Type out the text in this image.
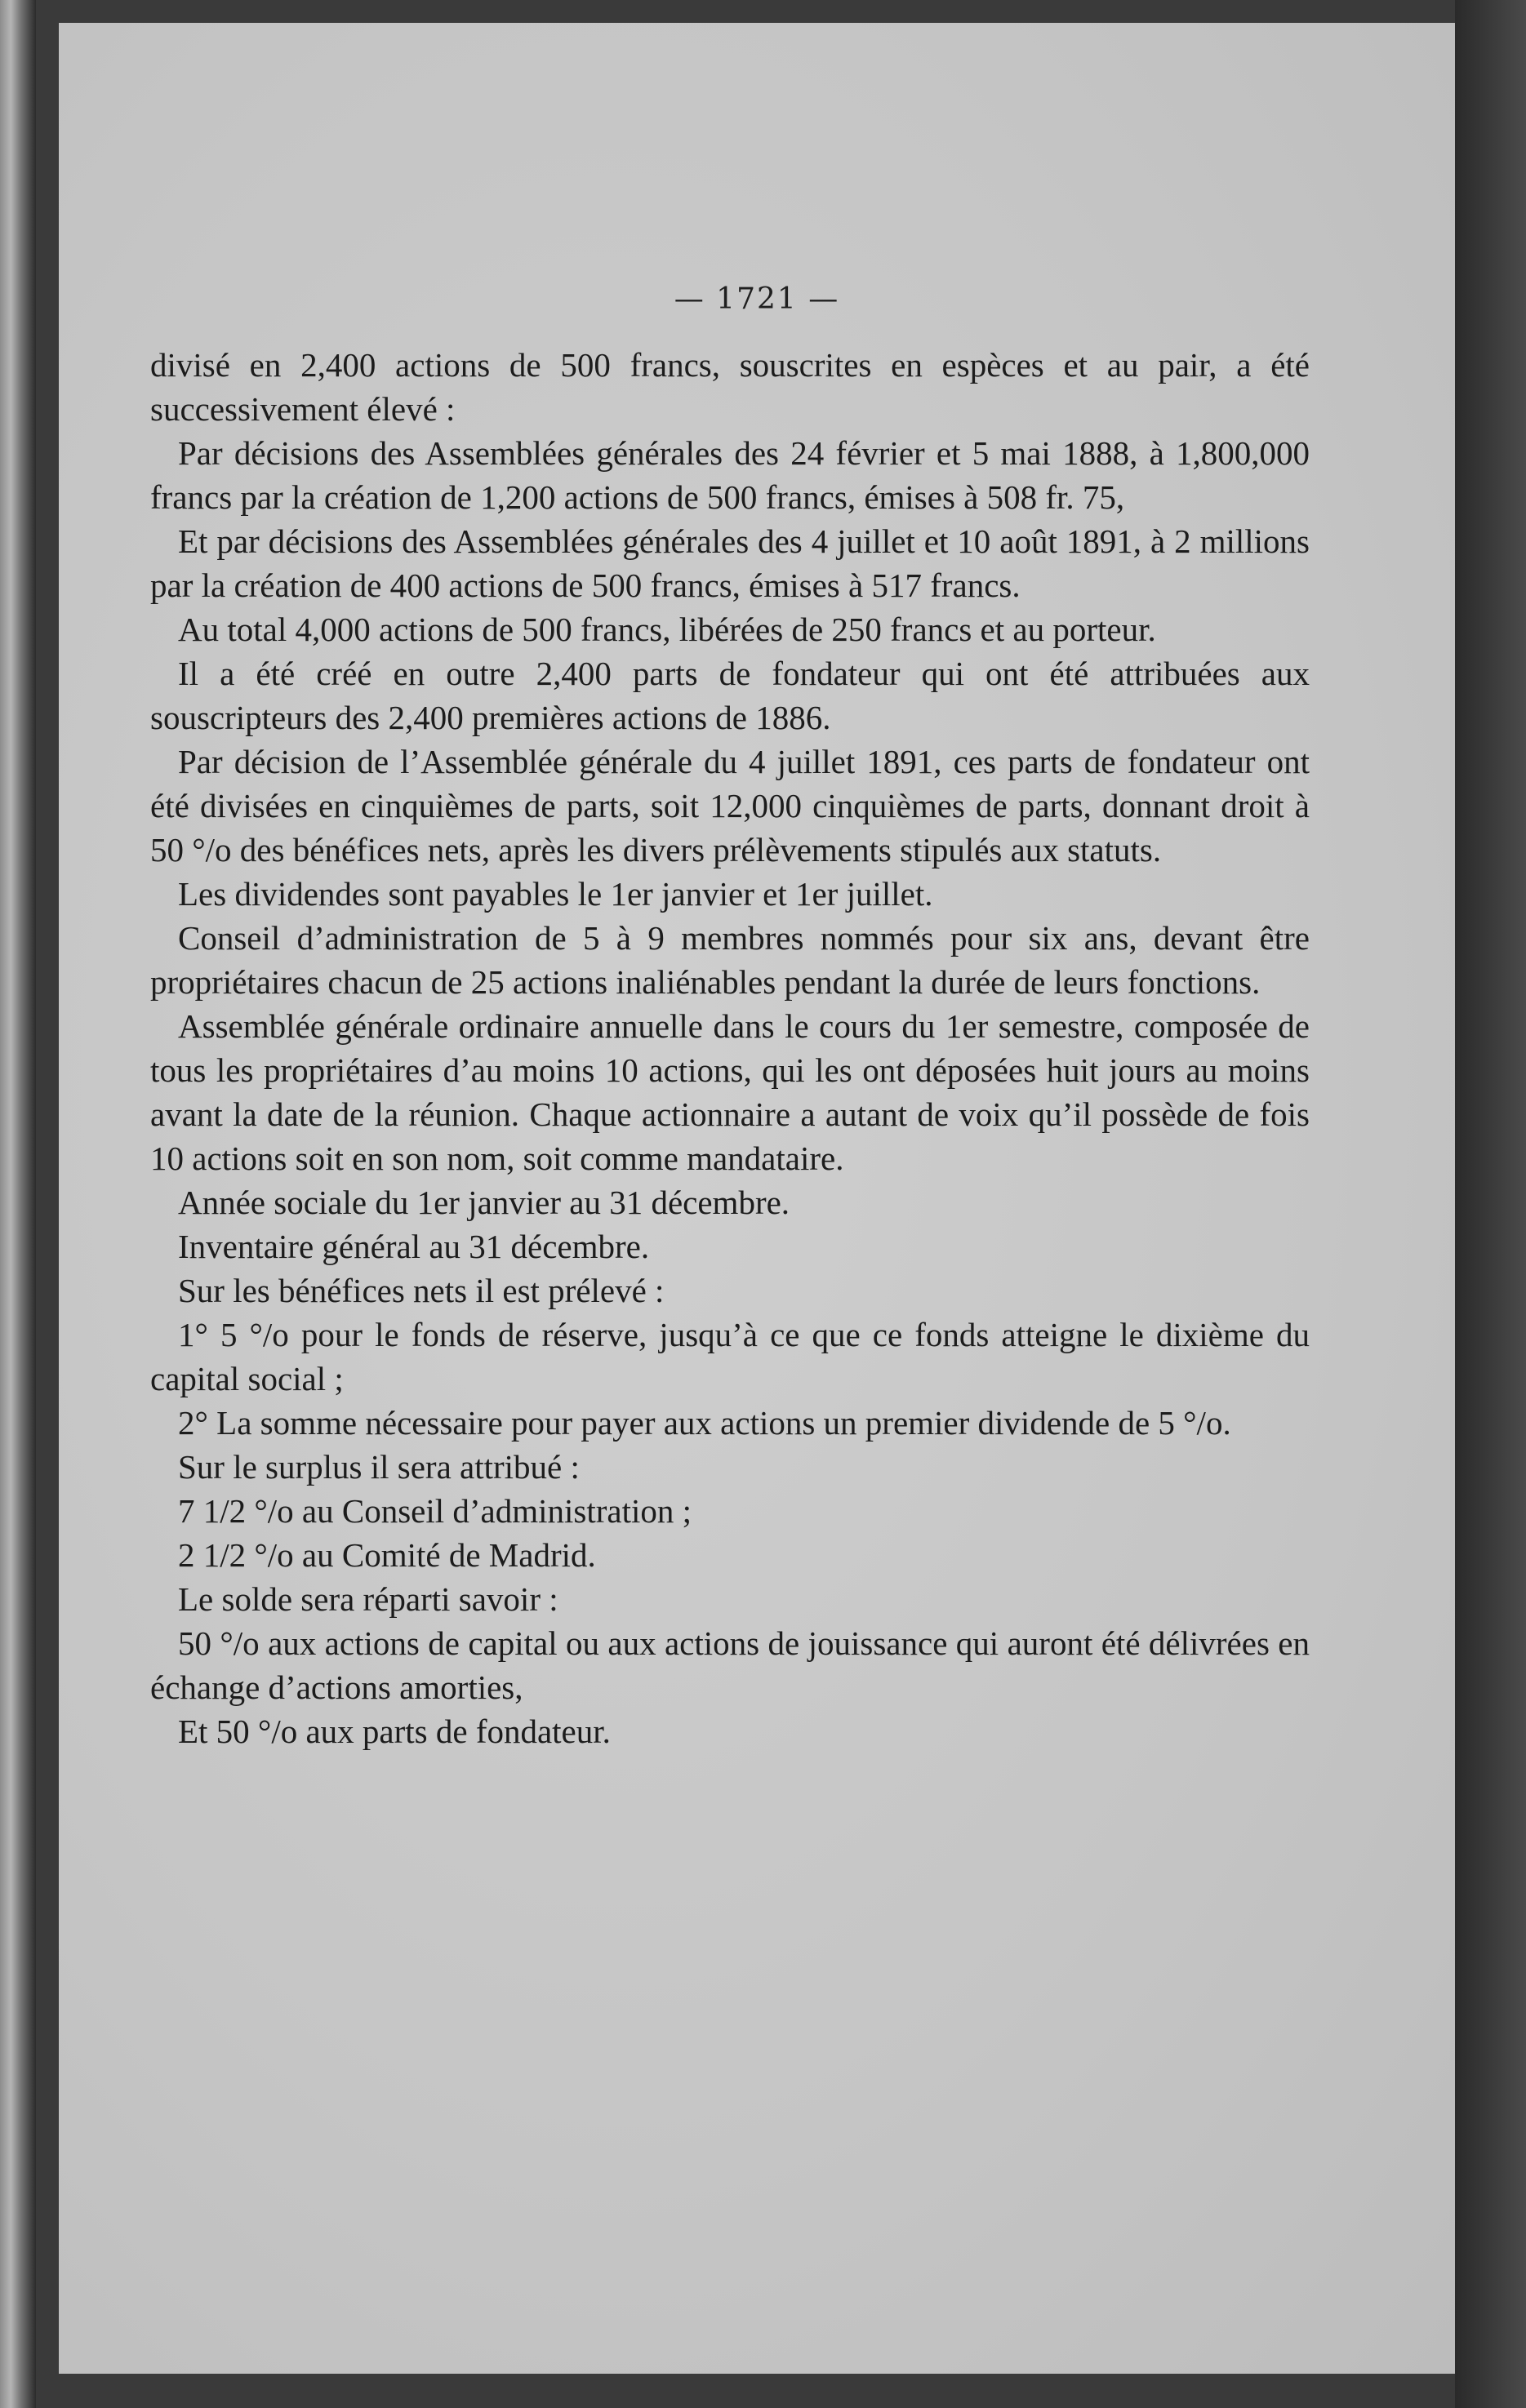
— 1721 —

divisé en 2,400 actions de 500 francs, souscrites en espèces et au pair, a été successivement élevé :

Par décisions des Assemblées générales des 24 février et 5 mai 1888, à 1,800,000 francs par la création de 1,200 actions de 500 francs, émises à 508 fr. 75,

Et par décisions des Assemblées générales des 4 juillet et 10 août 1891, à 2 millions par la création de 400 actions de 500 francs, émises à 517 francs.

Au total 4,000 actions de 500 francs, libérées de 250 francs et au porteur.

Il a été créé en outre 2,400 parts de fondateur qui ont été attribuées aux souscripteurs des 2,400 premières actions de 1886.

Par décision de l’Assemblée générale du 4 juillet 1891, ces parts de fondateur ont été divisées en cinquièmes de parts, soit 12,000 cinquièmes de parts, donnant droit à 50 °/o des bénéfices nets, après les divers prélèvements stipulés aux statuts.

Les dividendes sont payables le 1er janvier et 1er juillet.

Conseil d’administration de 5 à 9 membres nommés pour six ans, devant être propriétaires chacun de 25 actions inaliénables pendant la durée de leurs fonctions.

Assemblée générale ordinaire annuelle dans le cours du 1er semestre, composée de tous les propriétaires d’au moins 10 actions, qui les ont déposées huit jours au moins avant la date de la réunion. Chaque actionnaire a autant de voix qu’il possède de fois 10 actions soit en son nom, soit comme mandataire.

Année sociale du 1er janvier au 31 décembre.

Inventaire général au 31 décembre.

Sur les bénéfices nets il est prélevé :

1° 5 °/o pour le fonds de réserve, jusqu’à ce que ce fonds atteigne le dixième du capital social ;

2° La somme nécessaire pour payer aux actions un premier dividende de 5 °/o.

Sur le surplus il sera attribué :

7 1/2 °/o au Conseil d’administration ;

2 1/2 °/o au Comité de Madrid.

Le solde sera réparti savoir :

50 °/o aux actions de capital ou aux actions de jouissance qui auront été délivrées en échange d’actions amorties,

Et 50 °/o aux parts de fondateur.
